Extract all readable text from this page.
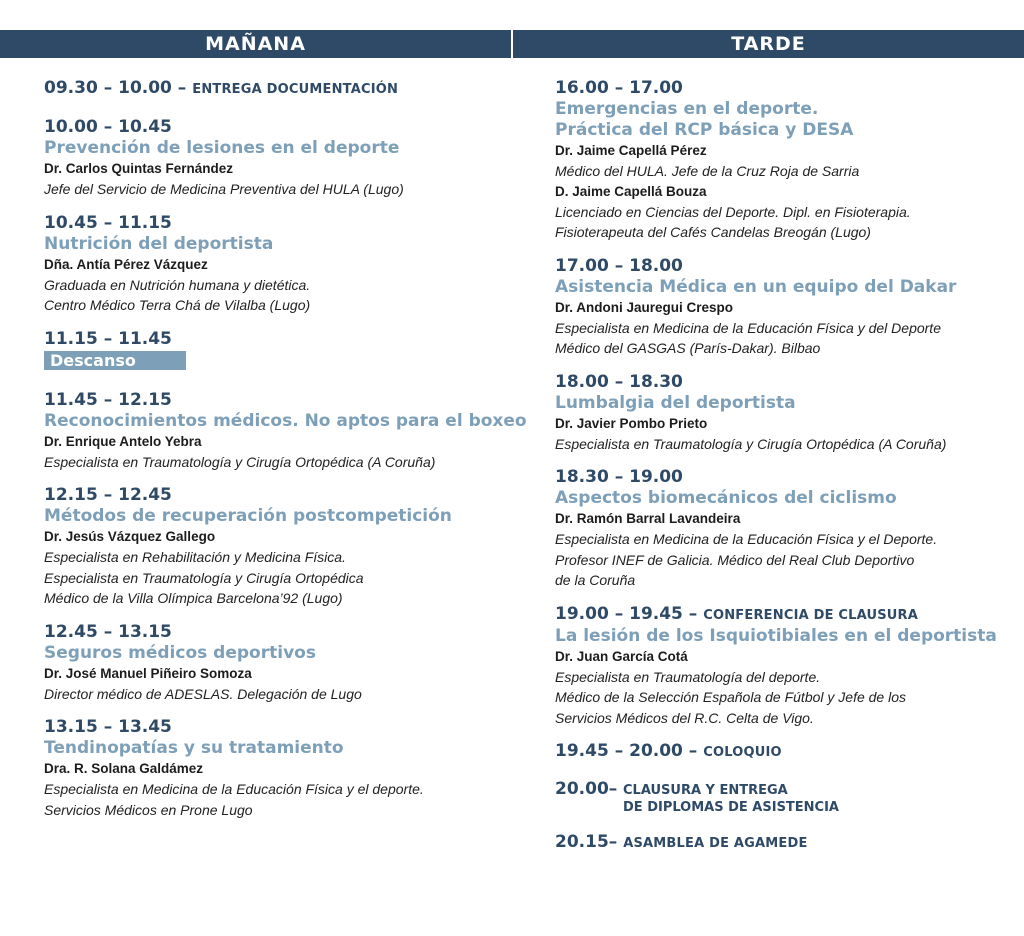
MAÑANA	TARDE
09.30 – 10.00 – ENTREGA DOCUMENTACIÓN
10.00 – 10.45
Prevención de lesiones en el deporte
Dr. Carlos Quintas Fernández
Jefe del Servicio de Medicina Preventiva del HULA (Lugo)
10.45 – 11.15
Nutrición del deportista
Dña. Antía Pérez Vázquez
Graduada en Nutrición humana y dietética.
Centro Médico Terra Chá de Vilalba (Lugo)
11.15 – 11.45
Descanso
11.45 – 12.15
Reconocimientos médicos. No aptos para el boxeo
Dr. Enrique Antelo Yebra
Especialista en Traumatología y Cirugía Ortopédica (A Coruña)
12.15 – 12.45
Métodos de recuperación postcompetición
Dr. Jesús Vázquez Gallego
Especialista en Rehabilitación y Medicina Física.
Especialista en Traumatología y Cirugía Ortopédica
Médico de la Villa Olímpica Barcelona’92 (Lugo)
12.45 – 13.15
Seguros médicos deportivos
Dr. José Manuel Piñeiro Somoza
Director médico de ADESLAS. Delegación de Lugo
13.15 – 13.45
Tendinopatías y su tratamiento
Dra. R. Solana Galdámez
Especialista en Medicina de la Educación Física y el deporte.
Servicios Médicos en Prone Lugo
16.00 – 17.00
Emergencias en el deporte.
Práctica del RCP básica y DESA
Dr. Jaime Capellá Pérez
Médico del HULA. Jefe de la Cruz Roja de Sarria
D. Jaime Capellá Bouza
Licenciado en Ciencias del Deporte. Dipl. en Fisioterapia.
Fisioterapeuta del Cafés Candelas Breogán (Lugo)
17.00 – 18.00
Asistencia Médica en un equipo del Dakar
Dr. Andoni Jauregui Crespo
Especialista en Medicina de la Educación Física y del Deporte
Médico del GASGAS (París-Dakar). Bilbao
18.00 – 18.30
Lumbalgia del deportista
Dr. Javier Pombo Prieto
Especialista en Traumatología y Cirugía Ortopédica (A Coruña)
18.30 – 19.00
Aspectos biomecánicos del ciclismo
Dr. Ramón Barral Lavandeira
Especialista en Medicina de la Educación Física y el Deporte.
Profesor INEF de Galicia. Médico del Real Club Deportivo
de la Coruña
19.00 – 19.45 – CONFERENCIA DE CLAUSURA
La lesión de los Isquiotibiales en el deportista
Dr. Juan García Cotá
Especialista en Traumatología del deporte.
Médico de la Selección Española de Fútbol y Jefe de los
Servicios Médicos del R.C. Celta de Vigo.
19.45 – 20.00 – COLOQUIO
20.00– CLAUSURA Y ENTREGA
DE DIPLOMAS DE ASISTENCIA
20.15– ASAMBLEA DE AGAMEDE
